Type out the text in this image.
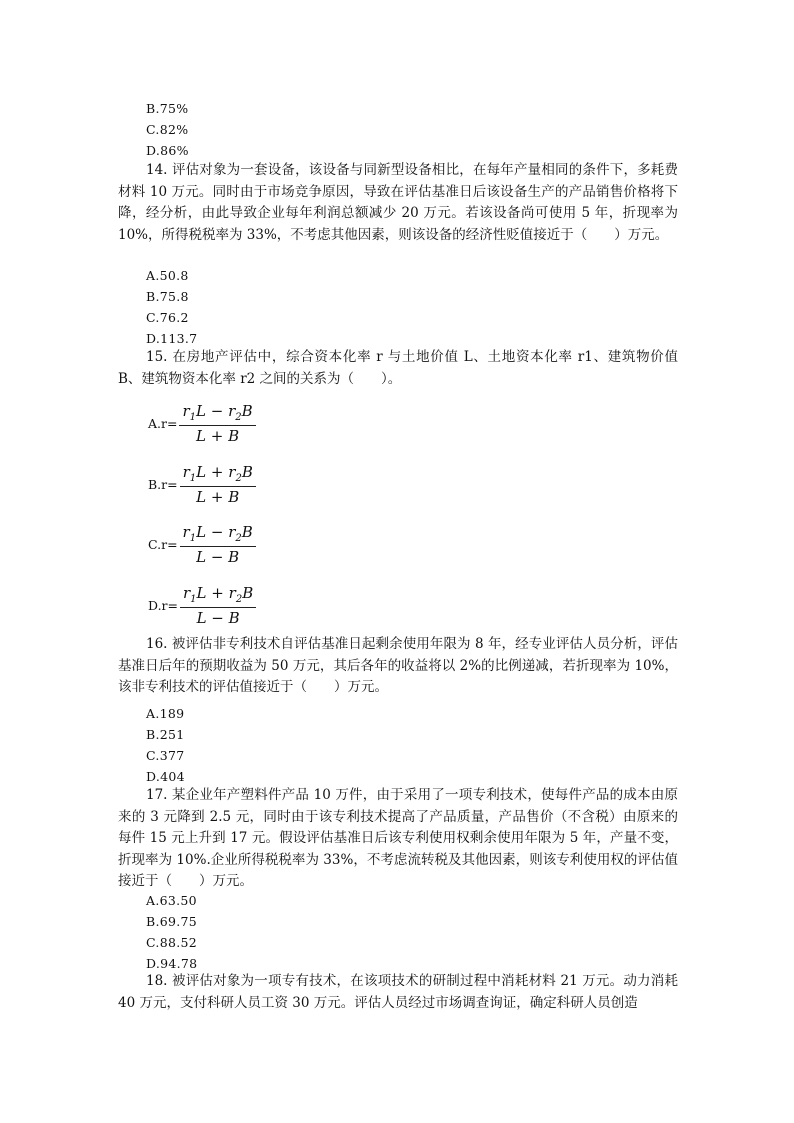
B.75%
C.82%
D.86%
14. 评估对象为一套设备，该设备与同新型设备相比，在每年产量相同的条件下，多耗费材料 10 万元。同时由于市场竞争原因，导致在评估基准日后该设备生产的产品销售价格将下降，经分析，由此导致企业每年利润总额减少 20 万元。若该设备尚可使用 5 年，折现率为 10%，所得税税率为 33%，不考虑其他因素，则该设备的经济性贬值接近于（　　）万元。
A.50.8
B.75.8
C.76.2
D.113.7
15. 在房地产评估中，综合资本化率 r 与土地价值 L、土地资本化率 r1、建筑物价值 B、建筑物资本化率 r2 之间的关系为（　　）。
$A.r= \frac{r_1L - r_2B}{L + B}$
$B.r= \frac{r_1L + r_2B}{L + B}$
$C.r= \frac{r_1L - r_2B}{L - B}$
$D.r= \frac{r_1L + r_2B}{L - B}$
16. 被评估非专利技术自评估基准日起剩余使用年限为 8 年，经专业评估人员分析，评估基准日后年的预期收益为 50 万元，其后各年的收益将以 2%的比例递减，若折现率为 10%，该非专利技术的评估值接近于（　　）万元。
A.189
B.251
C.377
D.404
17. 某企业年产塑料件产品 10 万件，由于采用了一项专利技术，使每件产品的成本由原来的 3 元降到 2.5 元，同时由于该专利技术提高了产品质量，产品售价（不含税）由原来的每件 15 元上升到 17 元。假设评估基准日后该专利使用权剩余使用年限为 5 年，产量不变，折现率为 10%.企业所得税税率为 33%，不考虑流转税及其他因素，则该专利使用权的评估值接近于（　　）万元。
A.63.50
B.69.75
C.88.52
D.94.78
18. 被评估对象为一项专有技术，在该项技术的研制过程中消耗材料 21 万元。动力消耗 40 万元，支付科研人员工资 30 万元。评估人员经过市场调查询证，确定科研人员创造
